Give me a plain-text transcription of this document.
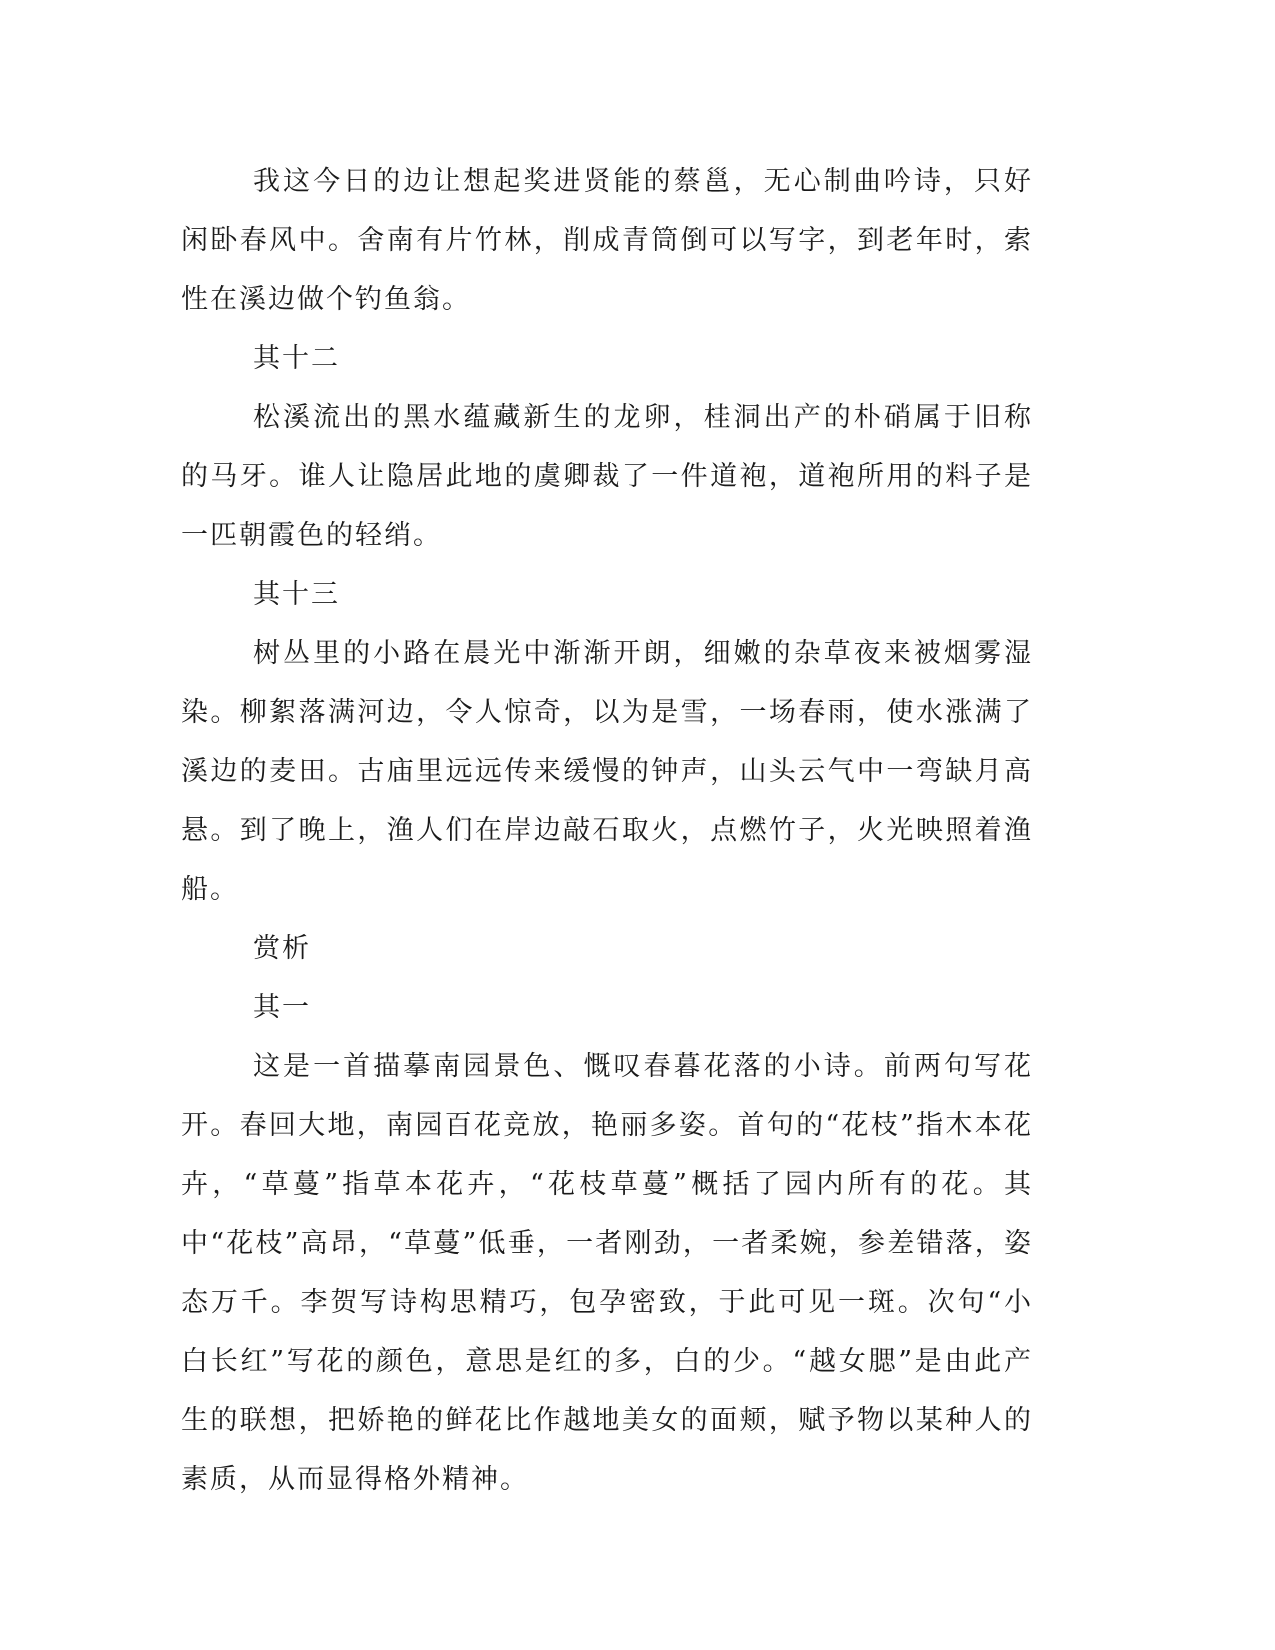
我这今日的边让想起奖进贤能的蔡邕，无心制曲吟诗，只好闲卧春风中。舍南有片竹林，削成青筒倒可以写字，到老年时，索性在溪边做个钓鱼翁。

其十二

松溪流出的黑水蕴藏新生的龙卵，桂洞出产的朴硝属于旧称的马牙。谁人让隐居此地的虞卿裁了一件道袍，道袍所用的料子是一匹朝霞色的轻绡。

其十三

树丛里的小路在晨光中渐渐开朗，细嫩的杂草夜来被烟雾湿染。柳絮落满河边，令人惊奇，以为是雪，一场春雨，使水涨满了溪边的麦田。古庙里远远传来缓慢的钟声，山头云气中一弯缺月高悬。到了晚上，渔人们在岸边敲石取火，点燃竹子，火光映照着渔船。

赏析

其一

这是一首描摹南园景色、慨叹春暮花落的小诗。前两句写花开。春回大地，南园百花竞放，艳丽多姿。首句的“花枝”指木本花卉，“草蔓”指草本花卉，“花枝草蔓”概括了园内所有的花。其中“花枝”高昂，“草蔓”低垂，一者刚劲，一者柔婉，参差错落，姿态万千。李贺写诗构思精巧，包孕密致，于此可见一斑。次句“小白长红”写花的颜色，意思是红的多，白的少。“越女腮”是由此产生的联想，把娇艳的鲜花比作越地美女的面颊，赋予物以某种人的素质，从而显得格外精神。
